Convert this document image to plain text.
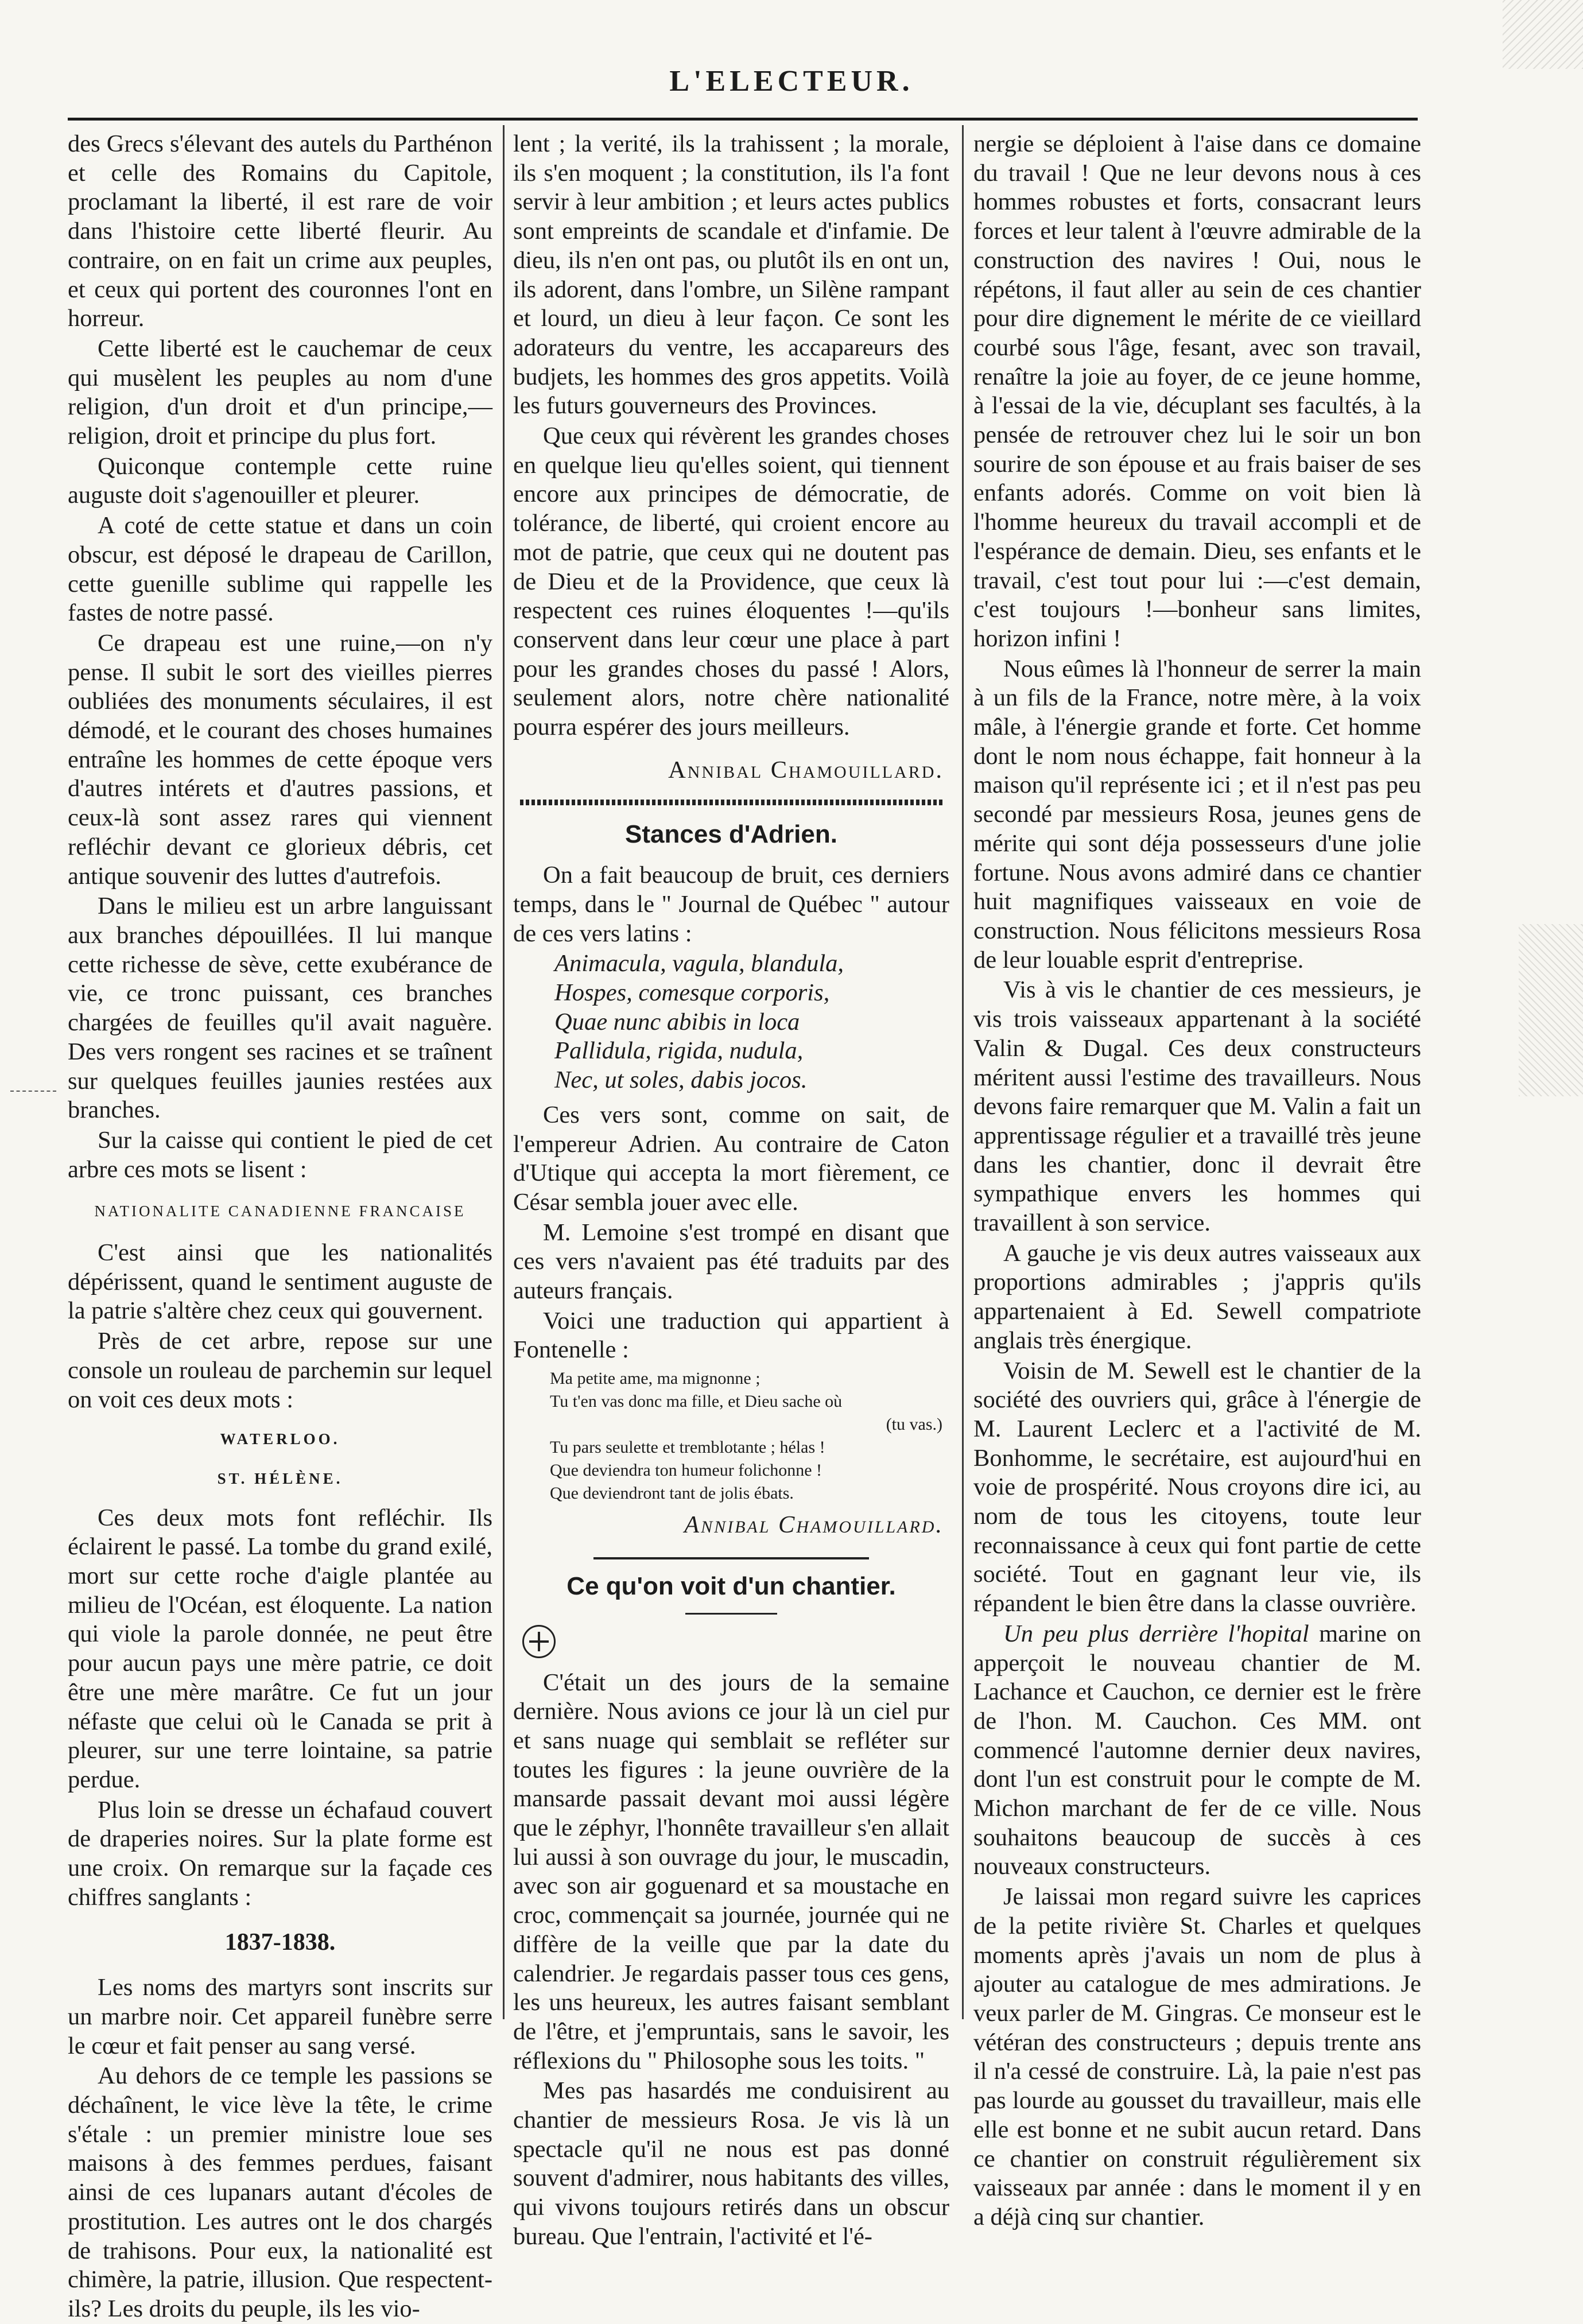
L'ELECTEUR.

des Grecs s'élevant des autels du Parthénon et celle des Romains du Capitole, proclamant la liberté, il est rare de voir dans l'histoire cette liberté fleurir. Au contraire, on en fait un crime aux peuples, et ceux qui portent des couronnes l'ont en horreur.

Cette liberté est le cauchemar de ceux qui musèlent les peuples au nom d'une religion, d'un droit et d'un principe,—religion, droit et principe du plus fort.

Quiconque contemple cette ruine auguste doit s'agenouiller et pleurer.

A coté de cette statue et dans un coin obscur, est déposé le drapeau de Carillon, cette guenille sublime qui rappelle les fastes de notre passé.

Ce drapeau est une ruine,—on n'y pense. Il subit le sort des vieilles pierres oubliées des monuments séculaires, il est démodé, et le courant des choses humaines entraîne les hommes de cette époque vers d'autres intérets et d'autres passions, et ceux-là sont assez rares qui viennent refléchir devant ce glorieux débris, cet antique souvenir des luttes d'autrefois.

Dans le milieu est un arbre languissant aux branches dépouillées. Il lui manque cette richesse de sève, cette exubérance de vie, ce tronc puissant, ces branches chargées de feuilles qu'il avait naguère. Des vers rongent ses racines et se traînent sur quelques feuilles jaunies restées aux branches.

Sur la caisse qui contient le pied de cet arbre ces mots se lisent :

NATIONALITE CANADIENNE FRANCAISE

C'est ainsi que les nationalités dépérissent, quand le sentiment auguste de la patrie s'altère chez ceux qui gouvernent.

Près de cet arbre, repose sur une console un rouleau de parchemin sur lequel on voit ces deux mots :

WATERLOO.
ST. HÉLÈNE.

Ces deux mots font refléchir. Ils éclairent le passé. La tombe du grand exilé, mort sur cette roche d'aigle plantée au milieu de l'Océan, est éloquente. La nation qui viole la parole donnée, ne peut être pour aucun pays une mère patrie, ce doit être une mère marâtre. Ce fut un jour néfaste que celui où le Canada se prit à pleurer, sur une terre lointaine, sa patrie perdue.

Plus loin se dresse un échafaud couvert de draperies noires. Sur la plate forme est une croix. On remarque sur la façade ces chiffres sanglants :

1837-1838.

Les noms des martyrs sont inscrits sur un marbre noir. Cet appareil funèbre serre le cœur et fait penser au sang versé.

Au dehors de ce temple les passions se déchaînent, le vice lève la tête, le crime s'étale : un premier ministre loue ses maisons à des femmes perdues, faisant ainsi de ces lupanars autant d'écoles de prostitution. Les autres ont le dos chargés de trahisons. Pour eux, la nationalité est chimère, la patrie, illusion. Que respectent-ils? Les droits du peuple, ils les vio-

lent ; la verité, ils la trahissent ; la morale, ils s'en moquent ; la constitution, ils l'a font servir à leur ambition ; et leurs actes publics sont empreints de scandale et d'infamie. De dieu, ils n'en ont pas, ou plutôt ils en ont un, ils adorent, dans l'ombre, un Silène rampant et lourd, un dieu à leur façon. Ce sont les adorateurs du ventre, les accapareurs des budjets, les hommes des gros appetits. Voilà les futurs gouverneurs des Provinces.

Que ceux qui révèrent les grandes choses en quelque lieu qu'elles soient, qui tiennent encore aux principes de démocratie, de tolérance, de liberté, qui croient encore au mot de patrie, que ceux qui ne doutent pas de Dieu et de la Providence, que ceux là respectent ces ruines éloquentes !—qu'ils conservent dans leur cœur une place à part pour les grandes choses du passé ! Alors, seulement alors, notre chère nationalité pourra espérer des jours meilleurs.

Annibal Chamouillard.
Stances d'Adrien.

On a fait beaucoup de bruit, ces derniers temps, dans le " Journal de Québec " autour de ces vers latins :

Animacula, vagula, blandula,
Hospes, comesque corporis,
Quae nunc abibis in loca
Pallidula, rigida, nudula,
Nec, ut soles, dabis jocos.

Ces vers sont, comme on sait, de l'empereur Adrien. Au contraire de Caton d'Utique qui accepta la mort fièrement, ce César sembla jouer avec elle.

M. Lemoine s'est trompé en disant que ces vers n'avaient pas été traduits par des auteurs français.

Voici une traduction qui appartient à Fontenelle :

Ma petite ame, ma mignonne ;
Tu t'en vas donc ma fille, et Dieu sache où
(tu vas.)
Tu pars seulette et tremblotante ; hélas !
Que deviendra ton humeur folichonne !
Que deviendront tant de jolis ébats.
Annibal Chamouillard.
Ce qu'on voit d'un chantier.

C'était un des jours de la semaine dernière. Nous avions ce jour là un ciel pur et sans nuage qui semblait se refléter sur toutes les figures : la jeune ouvrière de la mansarde passait devant moi aussi légère que le zéphyr, l'honnête travailleur s'en allait lui aussi à son ouvrage du jour, le muscadin, avec son air goguenard et sa moustache en croc, commençait sa journée, journée qui ne diffère de la veille que par la date du calendrier. Je regardais passer tous ces gens, les uns heureux, les autres faisant semblant de l'être, et j'empruntais, sans le savoir, les réflexions du " Philosophe sous les toits. "

Mes pas hasardés me conduisirent au chantier de messieurs Rosa. Je vis là un spectacle qu'il ne nous est pas donné souvent d'admirer, nous habitants des villes, qui vivons toujours retirés dans un obscur bureau. Que l'entrain, l'activité et l'é-

nergie se déploient à l'aise dans ce domaine du travail ! Que ne leur devons nous à ces hommes robustes et forts, consacrant leurs forces et leur talent à l'œuvre admirable de la construction des navires ! Oui, nous le répétons, il faut aller au sein de ces chantier pour dire dignement le mérite de ce vieillard courbé sous l'âge, fesant, avec son travail, renaître la joie au foyer, de ce jeune homme, à l'essai de la vie, décuplant ses facultés, à la pensée de retrouver chez lui le soir un bon sourire de son épouse et au frais baiser de ses enfants adorés. Comme on voit bien là l'homme heureux du travail accompli et de l'espérance de demain. Dieu, ses enfants et le travail, c'est tout pour lui :—c'est demain, c'est toujours !—bonheur sans limites, horizon infini !

Nous eûmes là l'honneur de serrer la main à un fils de la France, notre mère, à la voix mâle, à l'énergie grande et forte. Cet homme dont le nom nous échappe, fait honneur à la maison qu'il représente ici ; et il n'est pas peu secondé par messieurs Rosa, jeunes gens de mérite qui sont déja possesseurs d'une jolie fortune. Nous avons admiré dans ce chantier huit magnifiques vaisseaux en voie de construction. Nous félicitons messieurs Rosa de leur louable esprit d'entreprise.

Vis à vis le chantier de ces messieurs, je vis trois vaisseaux appartenant à la société Valin & Dugal. Ces deux constructeurs méritent aussi l'estime des travailleurs. Nous devons faire remarquer que M. Valin a fait un apprentissage régulier et a travaillé très jeune dans les chantier, donc il devrait être sympathique envers les hommes qui travaillent à son service.

A gauche je vis deux autres vaisseaux aux proportions admirables ; j'appris qu'ils appartenaient à Ed. Sewell compatriote anglais très énergique.

Voisin de M. Sewell est le chantier de la société des ouvriers qui, grâce à l'énergie de M. Laurent Leclerc et a l'activité de M. Bonhomme, le secrétaire, est aujourd'hui en voie de prospérité. Nous croyons dire ici, au nom de tous les citoyens, toute leur reconnaissance à ceux qui font partie de cette société. Tout en gagnant leur vie, ils répandent le bien être dans la classe ouvrière.

Un peu plus derrière l'hopital marine on apperçoit le nouveau chantier de M. Lachance et Cauchon, ce dernier est le frère de l'hon. M. Cauchon. Ces MM. ont commencé l'automne dernier deux navires, dont l'un est construit pour le compte de M. Michon marchant de fer de ce ville. Nous souhaitons beaucoup de succès à ces nouveaux constructeurs.

Je laissai mon regard suivre les caprices de la petite rivière St. Charles et quelques moments après j'avais un nom de plus à ajouter au catalogue de mes admirations. Je veux parler de M. Gingras. Ce monseur est le vétéran des constructeurs ; depuis trente ans il n'a cessé de construire. Là, la paie n'est pas pas lourde au gousset du travailleur, mais elle elle est bonne et ne subit aucun retard. Dans ce chantier on construit régulièrement six vaisseaux par année : dans le moment il y en a déjà cinq sur chantier.
